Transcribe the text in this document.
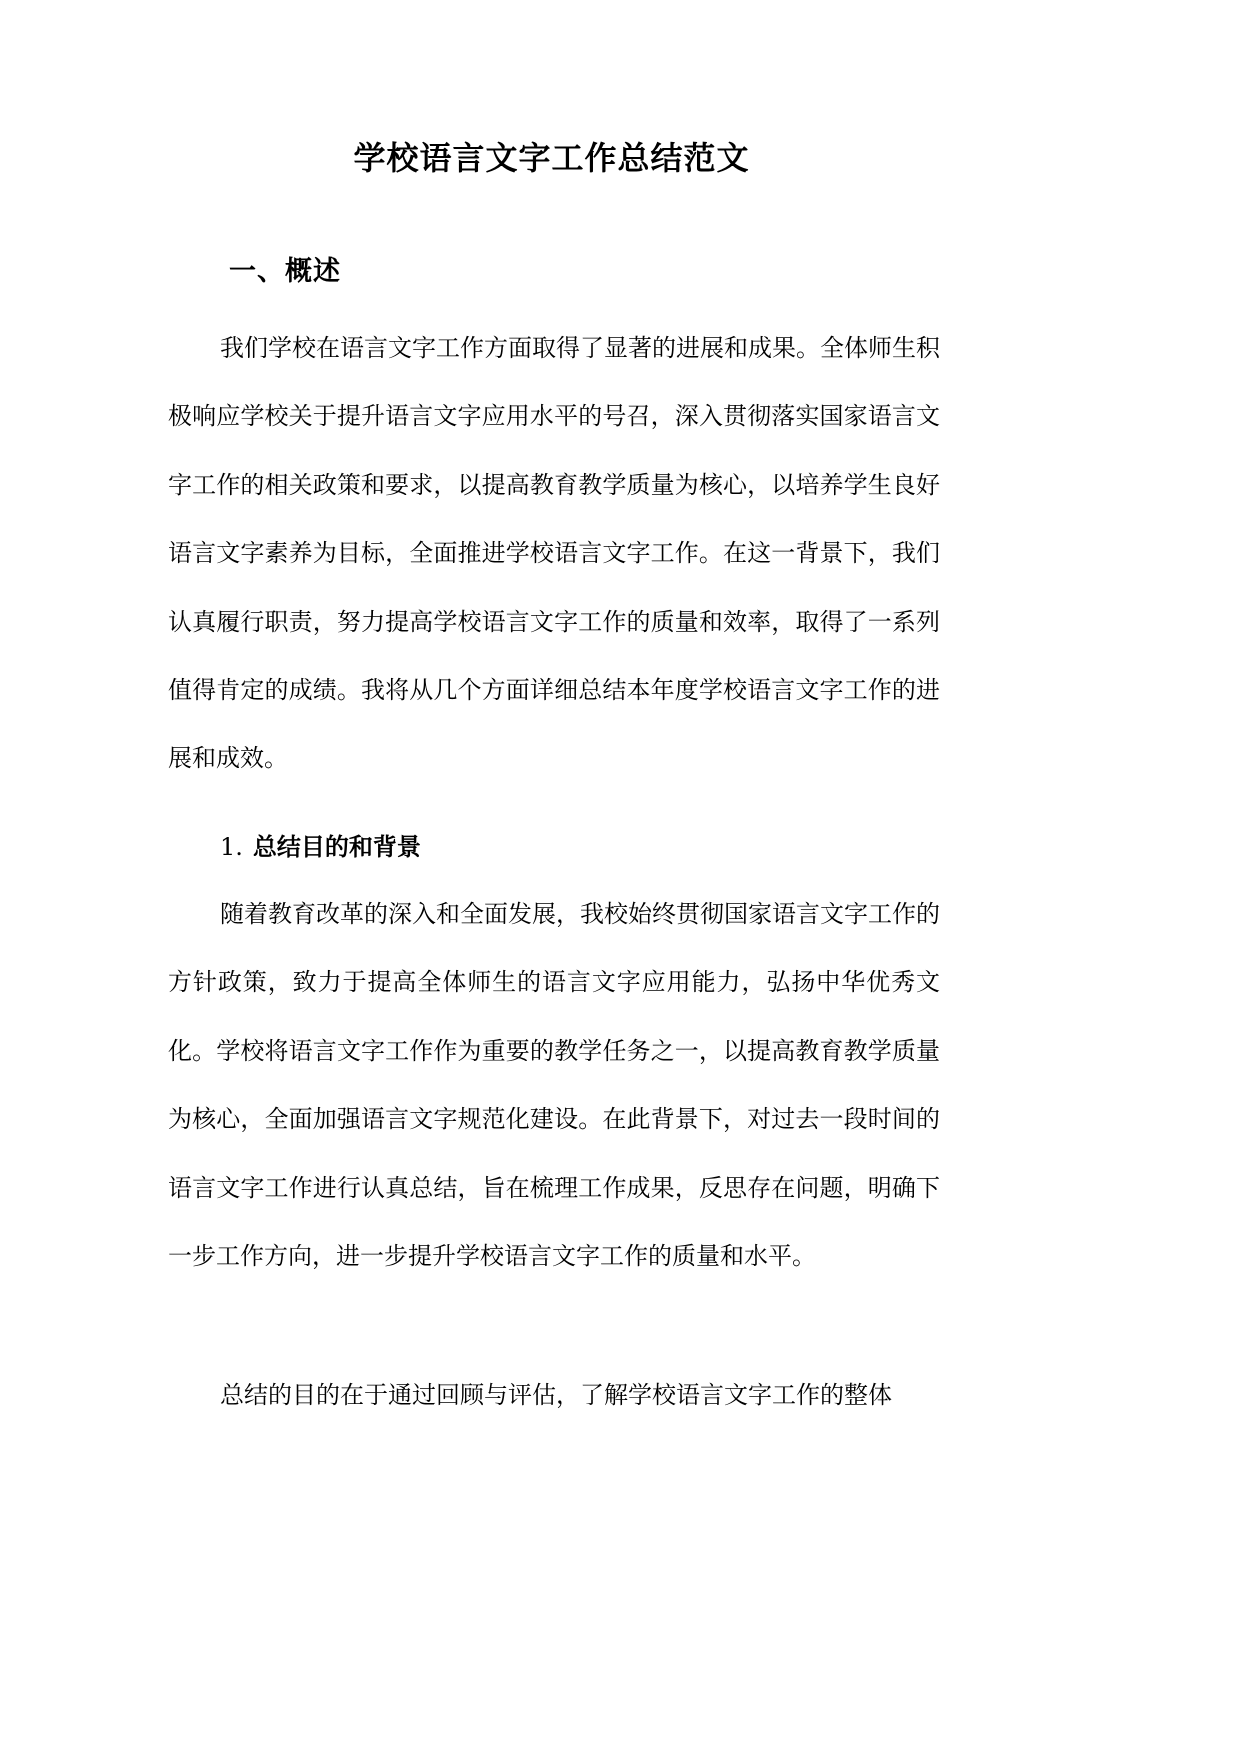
学校语言文字工作总结范文
一、概述

我们学校在语言文字工作方面取得了显著的进展和成果。全体师生积极响应学校关于提升语言文字应用水平的号召，深入贯彻落实国家语言文字工作的相关政策和要求，以提高教育教学质量为核心，以培养学生良好语言文字素养为目标，全面推进学校语言文字工作。在这一背景下，我们认真履行职责，努力提高学校语言文字工作的质量和效率，取得了一系列值得肯定的成绩。我将从几个方面详细总结本年度学校语言文字工作的进展和成效。

1. 总结目的和背景

随着教育改革的深入和全面发展，我校始终贯彻国家语言文字工作的方针政策，致力于提高全体师生的语言文字应用能力，弘扬中华优秀文化。学校将语言文字工作作为重要的教学任务之一，以提高教育教学质量为核心，全面加强语言文字规范化建设。在此背景下，对过去一段时间的语言文字工作进行认真总结，旨在梳理工作成果，反思存在问题，明确下一步工作方向，进一步提升学校语言文字工作的质量和水平。

总结的目的在于通过回顾与评估，了解学校语言文字工作的整体
